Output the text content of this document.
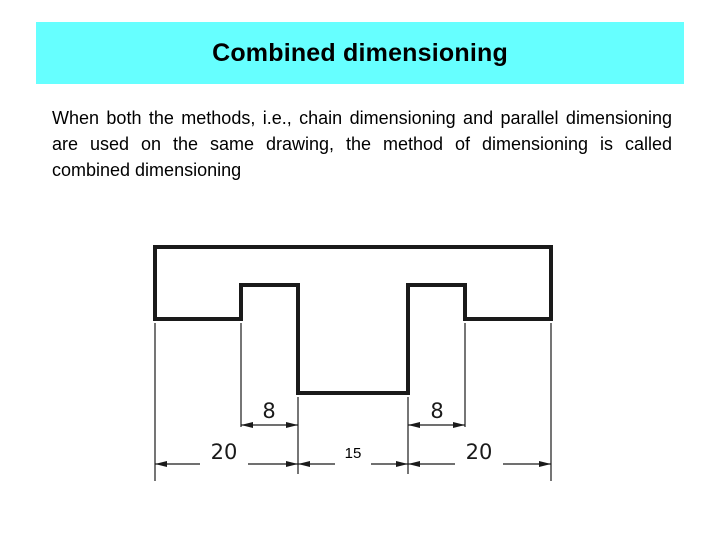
Combined dimensioning

When both the methods, i.e., chain dimensioning and parallel dimensioning are used on the same drawing, the method of dimensioning is called combined dimensioning

8	8
20	15	20
